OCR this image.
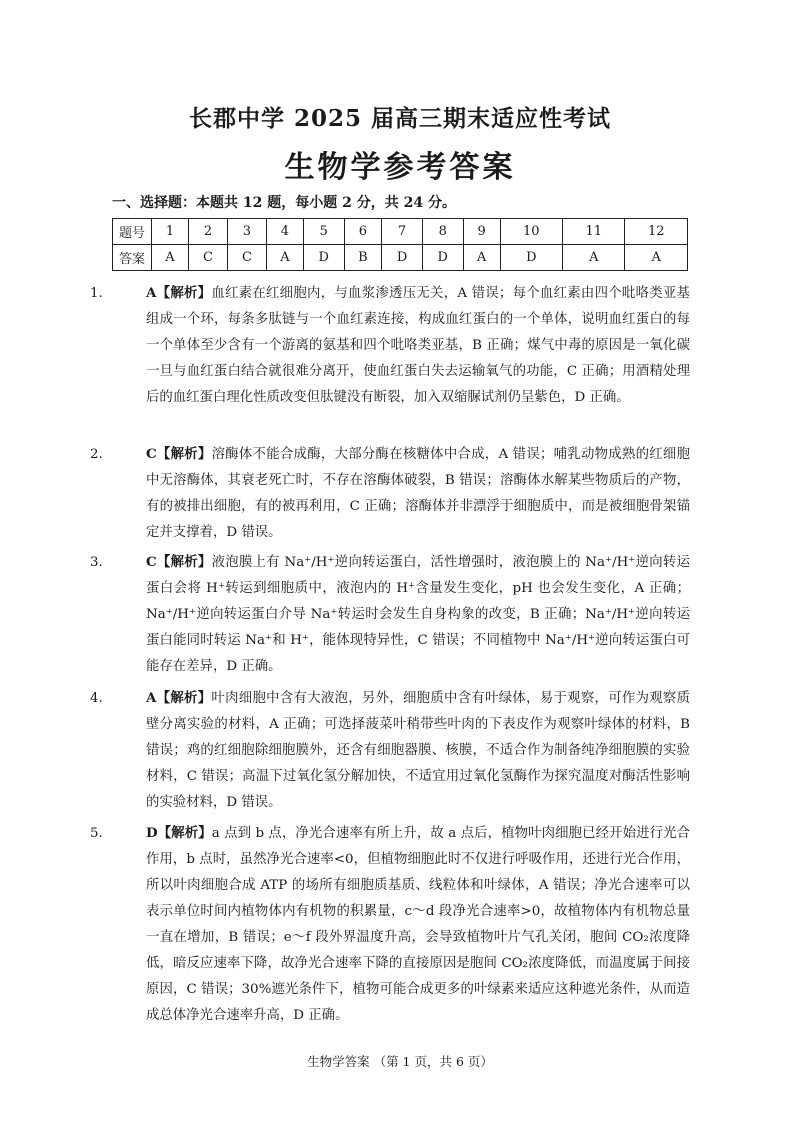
长郡中学 2025 届高三期末适应性考试
生物学参考答案
一、选择题：本题共 12 题，每小题 2 分，共 24 分。
题号	1	2	3	4	5	6	7	8	9	10	11	12
答案	A	C	C	A	D	B	D	D	A	D	A	A
1.	A【解析】血红素在红细胞内，与血浆渗透压无关，A 错误；每个血红素由四个吡咯类亚基组成一个环，每条多肽链与一个血红素连接，构成血红蛋白的一个单体，说明血红蛋白的每一个单体至少含有一个游离的氨基和四个吡咯类亚基，B 正确；煤气中毒的原因是一氧化碳一旦与血红蛋白结合就很难分离开，使血红蛋白失去运输氧气的功能，C 正确；用酒精处理后的血红蛋白理化性质改变但肽键没有断裂，加入双缩脲试剂仍呈紫色，D 正确。
2.	C【解析】溶酶体不能合成酶，大部分酶在核糖体中合成，A 错误；哺乳动物成熟的红细胞中无溶酶体，其衰老死亡时，不存在溶酶体破裂，B 错误；溶酶体水解某些物质后的产物，有的被排出细胞，有的被再利用，C 正确；溶酶体并非漂浮于细胞质中，而是被细胞骨架锚定并支撑着，D 错误。
3.	C【解析】液泡膜上有 Na⁺/H⁺逆向转运蛋白，活性增强时，液泡膜上的 Na⁺/H⁺逆向转运蛋白会将 H⁺转运到细胞质中，液泡内的 H⁺含量发生变化，pH 也会发生变化，A 正确；Na⁺/H⁺逆向转运蛋白介导 Na⁺转运时会发生自身构象的改变，B 正确；Na⁺/H⁺逆向转运蛋白能同时转运 Na⁺和 H⁺，能体现特异性，C 错误；不同植物中 Na⁺/H⁺逆向转运蛋白可能存在差异，D 正确。
4.	A【解析】叶肉细胞中含有大液泡，另外，细胞质中含有叶绿体，易于观察，可作为观察质壁分离实验的材料，A 正确；可选择菠菜叶稍带些叶肉的下表皮作为观察叶绿体的材料，B 错误；鸡的红细胞除细胞膜外，还含有细胞器膜、核膜，不适合作为制备纯净细胞膜的实验材料，C 错误；高温下过氧化氢分解加快，不适宜用过氧化氢酶作为探究温度对酶活性影响的实验材料，D 错误。
5.	D【解析】a 点到 b 点，净光合速率有所上升，故 a 点后，植物叶肉细胞已经开始进行光合作用，b 点时，虽然净光合速率<0，但植物细胞此时不仅进行呼吸作用，还进行光合作用，所以叶肉细胞合成 ATP 的场所有细胞质基质、线粒体和叶绿体，A 错误；净光合速率可以表示单位时间内植物体内有机物的积累量，c～d 段净光合速率>0，故植物体内有机物总量一直在增加，B 错误；e～f 段外界温度升高，会导致植物叶片气孔关闭，胞间 CO₂浓度降低，暗反应速率下降，故净光合速率下降的直接原因是胞间 CO₂浓度降低，而温度属于间接原因，C 错误；30%遮光条件下，植物可能合成更多的叶绿素来适应这种遮光条件，从而造成总体净光合速率升高，D 正确。
生物学答案 （第 1 页，共 6 页）
